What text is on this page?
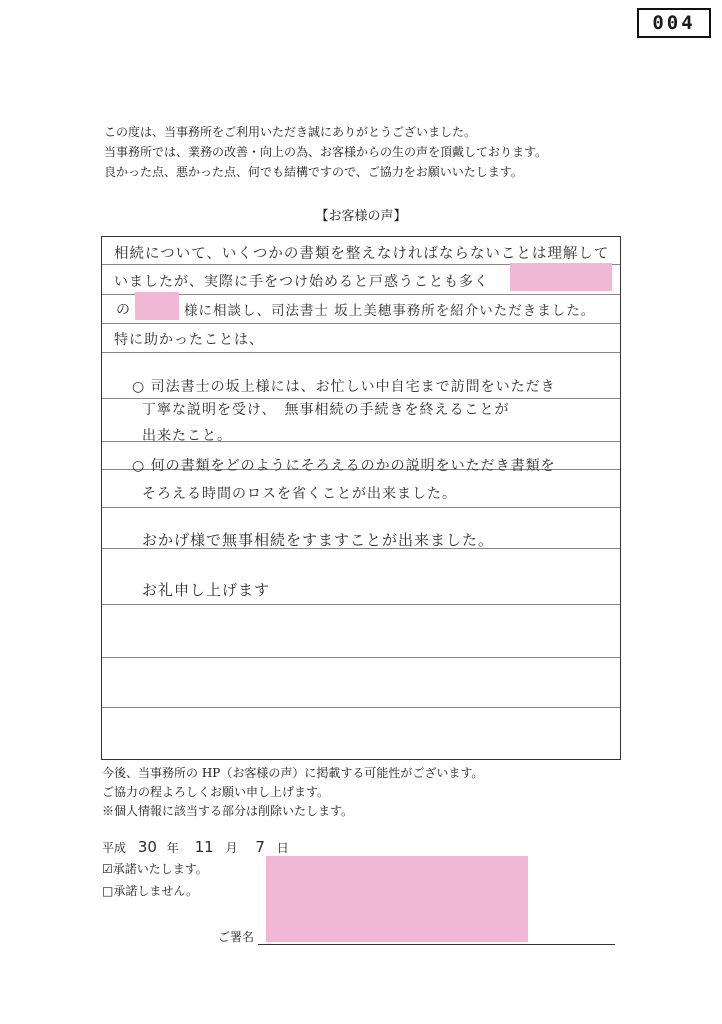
004
この度は、当事務所をご利用いただき誠にありがとうございました。
当事務所では、業務の改善・向上の為、お客様からの生の声を頂戴しております。
良かった点、悪かった点、何でも結構ですので、ご協力をお願いいたします。
【お客様の声】
相続について、いくつかの書類を整えなければならないことは理解して
いましたが、実際に手をつけ始めると戸惑うことも多く
の	様に相談し、司法書士 坂上美穂事務所を紹介いただきました。
特に助かったことは、
○ 司法書士の坂上様には、お忙しい中自宅まで訪問をいただき
丁寧な説明を受け、　無事相続の手続きを終えることが
出来たこと。
○ 何の書類をどのようにそろえるのかの説明をいただき書類を
そろえる時間のロスを省くことが出来ました。
おかげ様で無事相続をすますことが出来ました。
お礼申し上げます
今後、当事務所の HP（お客様の声）に掲載する可能性がございます。
ご協力の程よろしくお願い申し上げます。
※個人情報に該当する部分は削除いたします。
平成 30 年 11 月 7 日
☑承諾いたします。
□承諾しません。
ご署名
